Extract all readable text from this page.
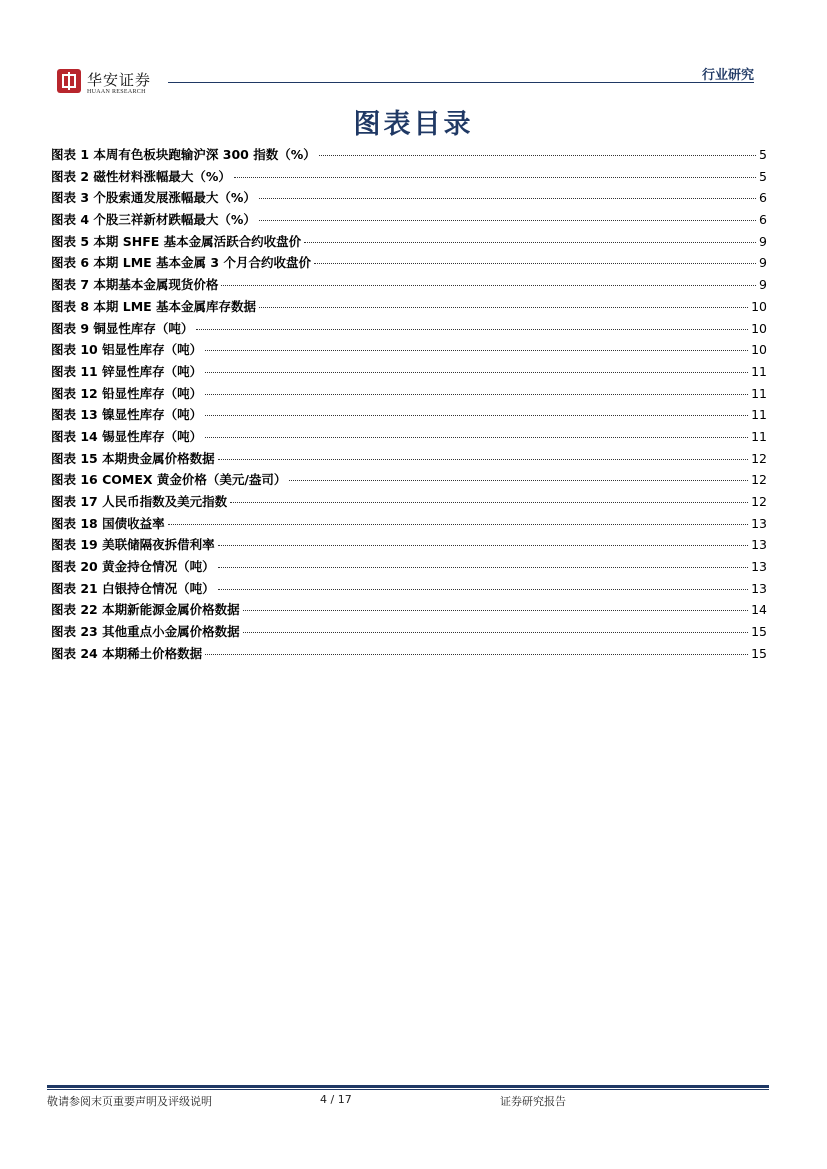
华安证券
HUAAN RESEARCH
行业研究
图表目录
图表 1 本周有色板块跑输沪深 300 指数（%）	5
图表 2 磁性材料涨幅最大（%）	5
图表 3 个股索通发展涨幅最大（%）	6
图表 4 个股三祥新材跌幅最大（%）	6
图表 5 本期 SHFE 基本金属活跃合约收盘价	9
图表 6 本期 LME 基本金属 3 个月合约收盘价	9
图表 7 本期基本金属现货价格	9
图表 8 本期 LME 基本金属库存数据	10
图表 9 铜显性库存（吨）	10
图表 10 铝显性库存（吨）	10
图表 11 锌显性库存（吨）	11
图表 12 铅显性库存（吨）	11
图表 13 镍显性库存（吨）	11
图表 14 锡显性库存（吨）	11
图表 15 本期贵金属价格数据	12
图表 16 COMEX 黄金价格（美元/盎司）	12
图表 17 人民币指数及美元指数	12
图表 18 国债收益率	13
图表 19 美联储隔夜拆借利率	13
图表 20 黄金持仓情况（吨）	13
图表 21 白银持仓情况（吨）	13
图表 22 本期新能源金属价格数据	14
图表 23 其他重点小金属价格数据	15
图表 24 本期稀土价格数据	15
敬请参阅末页重要声明及评级说明	4 / 17	证券研究报告
